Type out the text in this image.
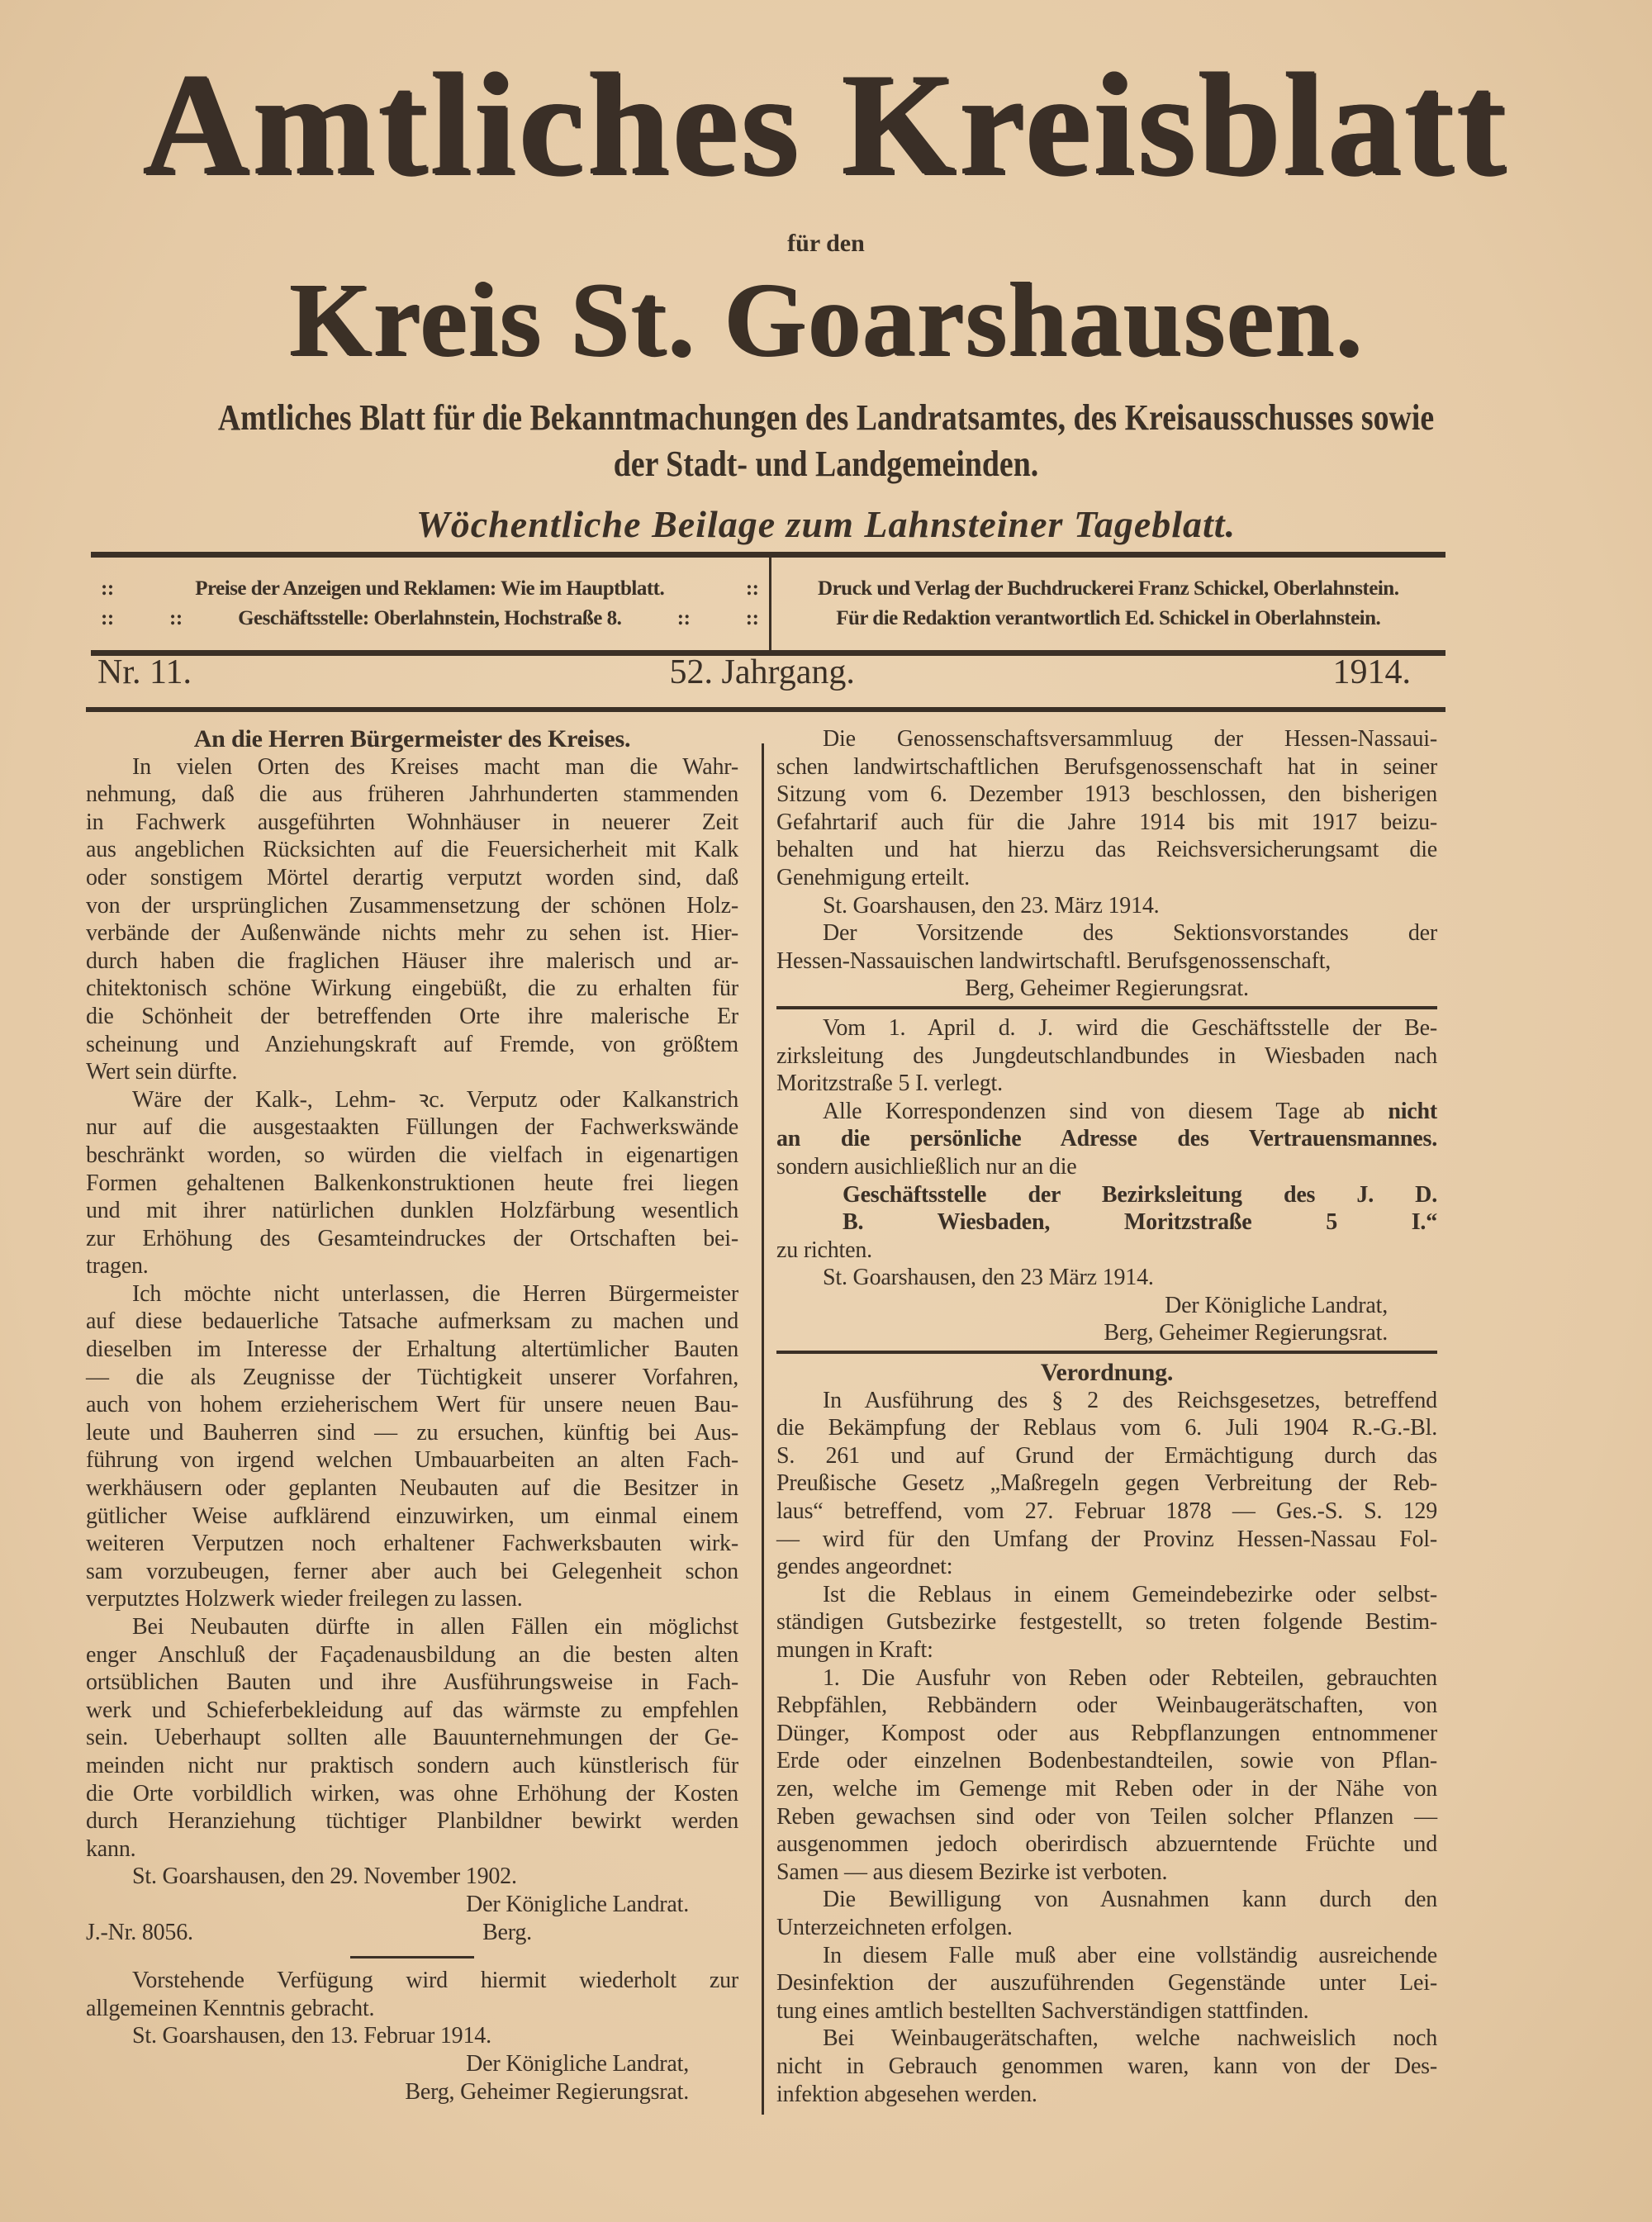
Amtliches Kreisblatt
für den
Kreis St. Goarshausen.
Amtliches Blatt für die Bekanntmachungen des Landratsamtes, des Kreisausschusses sowie
der Stadt- und Landgemeinden.
Wöchentliche Beilage zum Lahnsteiner Tageblatt.
::	Preise der Anzeigen und Reklamen: Wie im Hauptblatt.	::
::	::	Geschäftsstelle: Oberlahnstein, Hochstraße 8.	::	::
Druck und Verlag der Buchdruckerei Franz Schickel, Oberlahnstein.
Für die Redaktion verantwortlich Ed. Schickel in Oberlahnstein.
Nr. 11.	52. Jahrgang.	1914.
An die Herren Bürgermeister des Kreises.
In vielen Orten des Kreises macht man die Wahr-
nehmung, daß die aus früheren Jahrhunderten stammenden
in Fachwerk ausgeführten Wohnhäuser in neuerer Zeit
aus angeblichen Rücksichten auf die Feuersicherheit mit Kalk
oder sonstigem Mörtel derartig verputzt worden sind, daß
von der ursprünglichen Zusammensetzung der schönen Holz-
verbände der Außenwände nichts mehr zu sehen ist. Hier-
durch haben die fraglichen Häuser ihre malerisch und ar-
chitektonisch schöne Wirkung eingebüßt, die zu erhalten für
die Schönheit der betreffenden Orte ihre malerische Er
scheinung und Anziehungskraft auf Fremde, von größtem
Wert sein dürfte.
Wäre der Kalk-, Lehm- ꝛc. Verputz oder Kalkanstrich
nur auf die ausgestaakten Füllungen der Fachwerkswände
beschränkt worden, so würden die vielfach in eigenartigen
Formen gehaltenen Balkenkonstruktionen heute frei liegen
und mit ihrer natürlichen dunklen Holzfärbung wesentlich
zur Erhöhung des Gesamteindruckes der Ortschaften bei-
tragen.
Ich möchte nicht unterlassen, die Herren Bürgermeister
auf diese bedauerliche Tatsache aufmerksam zu machen und
dieselben im Interesse der Erhaltung altertümlicher Bauten
— die als Zeugnisse der Tüchtigkeit unserer Vorfahren,
auch von hohem erzieherischem Wert für unsere neuen Bau-
leute und Bauherren sind — zu ersuchen, künftig bei Aus-
führung von irgend welchen Umbauarbeiten an alten Fach-
werkhäusern oder geplanten Neubauten auf die Besitzer in
gütlicher Weise aufklärend einzuwirken, um einmal einem
weiteren Verputzen noch erhaltener Fachwerksbauten wirk-
sam vorzubeugen, ferner aber auch bei Gelegenheit schon
verputztes Holzwerk wieder freilegen zu lassen.
Bei Neubauten dürfte in allen Fällen ein möglichst
enger Anschluß der Façadenausbildung an die besten alten
ortsüblichen Bauten und ihre Ausführungsweise in Fach-
werk und Schieferbekleidung auf das wärmste zu empfehlen
sein. Ueberhaupt sollten alle Bauunternehmungen der Ge-
meinden nicht nur praktisch sondern auch künstlerisch für
die Orte vorbildlich wirken, was ohne Erhöhung der Kosten
durch Heranziehung tüchtiger Planbildner bewirkt werden
kann.
St. Goarshausen, den 29. November 1902.
Der Königliche Landrat.
J.-Nr. 8056.	Berg.
Vorstehende Verfügung wird hiermit wiederholt zur
allgemeinen Kenntnis gebracht.
St. Goarshausen, den 13. Februar 1914.
Der Königliche Landrat,
Berg, Geheimer Regierungsrat.
Die Genossenschaftsversammluug der Hessen-Nassaui-
schen landwirtschaftlichen Berufsgenossenschaft hat in seiner
Sitzung vom 6. Dezember 1913 beschlossen, den bisherigen
Gefahrtarif auch für die Jahre 1914 bis mit 1917 beizu-
behalten und hat hierzu das Reichsversicherungsamt die
Genehmigung erteilt.
St. Goarshausen, den 23. März 1914.
Der Vorsitzende des Sektionsvorstandes der
Hessen-Nassauischen landwirtschaftl. Berufsgenossenschaft,
Berg, Geheimer Regierungsrat.
Vom 1. April d. J. wird die Geschäftsstelle der Be-
zirksleitung des Jungdeutschlandbundes in Wiesbaden nach
Moritzstraße 5 I. verlegt.
Alle Korrespondenzen sind von diesem Tage ab nicht
an die persönliche Adresse des Vertrauensmannes.
sondern ausichließlich nur an die
Geschäftsstelle der Bezirksleitung des J. D.
B. Wiesbaden, Moritzstraße 5 I.“
zu richten.
St. Goarshausen, den 23 März 1914.
Der Königliche Landrat,
Berg, Geheimer Regierungsrat.
Verordnung.
In Ausführung des § 2 des Reichsgesetzes, betreffend
die Bekämpfung der Reblaus vom 6. Juli 1904 R.-G.-Bl.
S. 261 und auf Grund der Ermächtigung durch das
Preußische Gesetz „Maßregeln gegen Verbreitung der Reb-
laus“ betreffend, vom 27. Februar 1878 — Ges.-S. S. 129
— wird für den Umfang der Provinz Hessen-Nassau Fol-
gendes angeordnet:
Ist die Reblaus in einem Gemeindebezirke oder selbst-
ständigen Gutsbezirke festgestellt, so treten folgende Bestim-
mungen in Kraft:
1. Die Ausfuhr von Reben oder Rebteilen, gebrauchten
Rebpfählen, Rebbändern oder Weinbaugerätschaften, von
Dünger, Kompost oder aus Rebpflanzungen entnommener
Erde oder einzelnen Bodenbestandteilen, sowie von Pflan-
zen, welche im Gemenge mit Reben oder in der Nähe von
Reben gewachsen sind oder von Teilen solcher Pflanzen —
ausgenommen jedoch oberirdisch abzuerntende Früchte und
Samen — aus diesem Bezirke ist verboten.
Die Bewilligung von Ausnahmen kann durch den
Unterzeichneten erfolgen.
In diesem Falle muß aber eine vollständig ausreichende
Desinfektion der auszuführenden Gegenstände unter Lei-
tung eines amtlich bestellten Sachverständigen stattfinden.
Bei Weinbaugerätschaften, welche nachweislich noch
nicht in Gebrauch genommen waren, kann von der Des-
infektion abgesehen werden.
